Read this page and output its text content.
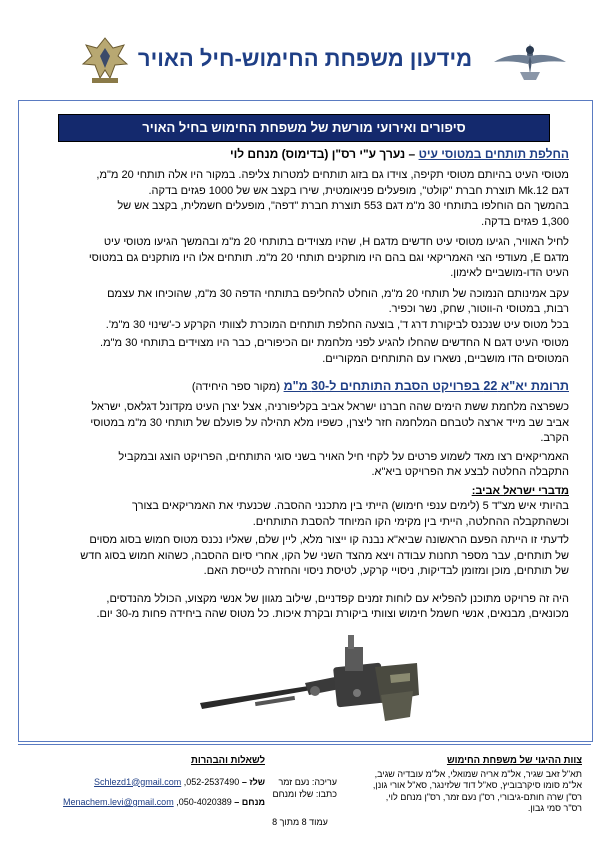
מידעון משפחת החימוש-חיל האויר
סיפורים ואירועי מורשת של משפחת החימוש בחיל האויר
החלפת תותחים במטוסי עיט – נערך ע"י רס"ן (בדימוס) מנחם לוי

מטוסי העיט בהיותם מטוסי תקיפה, צוידו גם בזוג תותחים למטרות צליפה. במקור היו אלה תותחי 20 מ"מ,

דגם Mk.12 תוצרת חברת "קולט", מופעלים פניאומטית, שירו בקצב אש של 1000 פגזים בדקה.

בהמשך הם הוחלפו בתותחי 30 מ"מ דגם 553 תוצרת חברת "דפה", מופעלים חשמלית, בקצב אש של

1,300 פגזים בדקה.

לחיל האוויר, הגיעו מטוסי עיט חדשים מדגם H, שהיו מצוידים בתותחי 20 מ"מ ובהמשך הגיעו מטוסי עיט

מדגם E, מעודפי הצי האמריקאי וגם בהם היו מותקנים תותחי 20 מ"מ. תותחים אלו היו מותקנים גם במטוסי

העיט הדו-מושביים לאימון.

עקב אמינותם הנמוכה של תותחי 20 מ"מ, הוחלט להחליפם בתותחי הדפה 30 מ"מ, שהוכיחו את עצמם

רבות, במטוסי ה-ווטור, שחק, נשר וכפיר.

בכל מטוס עיט שנכנס לביקורת דרג ד', בוצעה החלפת תותחים המוכרת לצוותי הקרקע כ-'שינוי 30 מ"מ'.

מטוסי העיט דגם N החדשים שהחלו להגיע לפני מלחמת יום הכיפורים, כבר היו מצוידים בתותחי 30 מ"מ.

המטוסים הדו מושביים, נשארו עם התותחים המקוריים.

תרומת יא"א 22 בפרויקט הסבת התותחים ל-30 מ"מ (מקור ספר היחידה)

כשפרצה מלחמת ששת הימים שהה חברנו ישראל אביב בקליפורניה, אצל יצרן העיט מקדונל דגלאס, ישראל

אביב שב מייד ארצה לטבחם המלחמה חזר ליצרן, כשפיו מלא תהילה על פועלם של תותחי 30 מ"מ במטוסי

הקרב.

האמריקאים רצו מאד לשמוע פרטים על לקחי חיל האויר בשני סוגי התותחים, הפרויקט הוצג ובמקביל

התקבלה החלטה לבצע את הפרויקט ביא"א.

מדברי ישראל אביב:

בהיותי איש מצ"ד 5 (לימים ענפי חימוש) הייתי בין מתכנני ההסבה. שכנעתי את האמריקאים בצורך

וכשהתקבלה ההחלטה, הייתי בין מקימי הקו המיוחד להסבת התותחים.

לדעתי זו הייתה הפעם הראשונה שביא"א נבנה קו ייצור מלא, ליין שלם, שאליו נכנס מטוס חמוש בסוג מסוים

של תותחים, עבר מספר תחנות עבודה ויצא מהצד השני של הקו, אחרי סיום ההסבה, כשהוא חמוש בסוג חדש

של תותחים, מוכן ומזומן לבדיקות, ניסויי קרקע, לטיסת ניסוי והחזרה לטייסת האם.

היה זה פרויקט מתוכנן להפליא עם לוחות זמנים קפדניים, שילוב מגוון של אנשי מקצוע, הכולל מהנדסים,

מכונאים, מבנאים, אנשי חשמל חימוש וצוותי ביקורת ובקרת איכות. כל מטוס שהה ביחידה פחות מ-30 יום.

צוות ההיגוי של משפחת החימוש
תא"ל זאב שגיר, אל"מ אריה שמואלי, אל"מ עובדיה שגיב,
אל"מ סומו סיקרבוביץ, סא"ל דוד שלזינגר, סא"ל אורי גונן,
רס"ן שרה חותם-גיבורי, רס"ן נעם זמר, רס"ן מנחם לוי,
רס"ר סמי גבון.
עריכה: נעם זמר
כתבו: שלז ומנחם
לשאלות והבהרות
שלז – 052-2537490, Schlezd1@gmail.com
מנחם – 050-4020389, Menachem.levi@gmail.com
עמוד 8 מתוך 8
